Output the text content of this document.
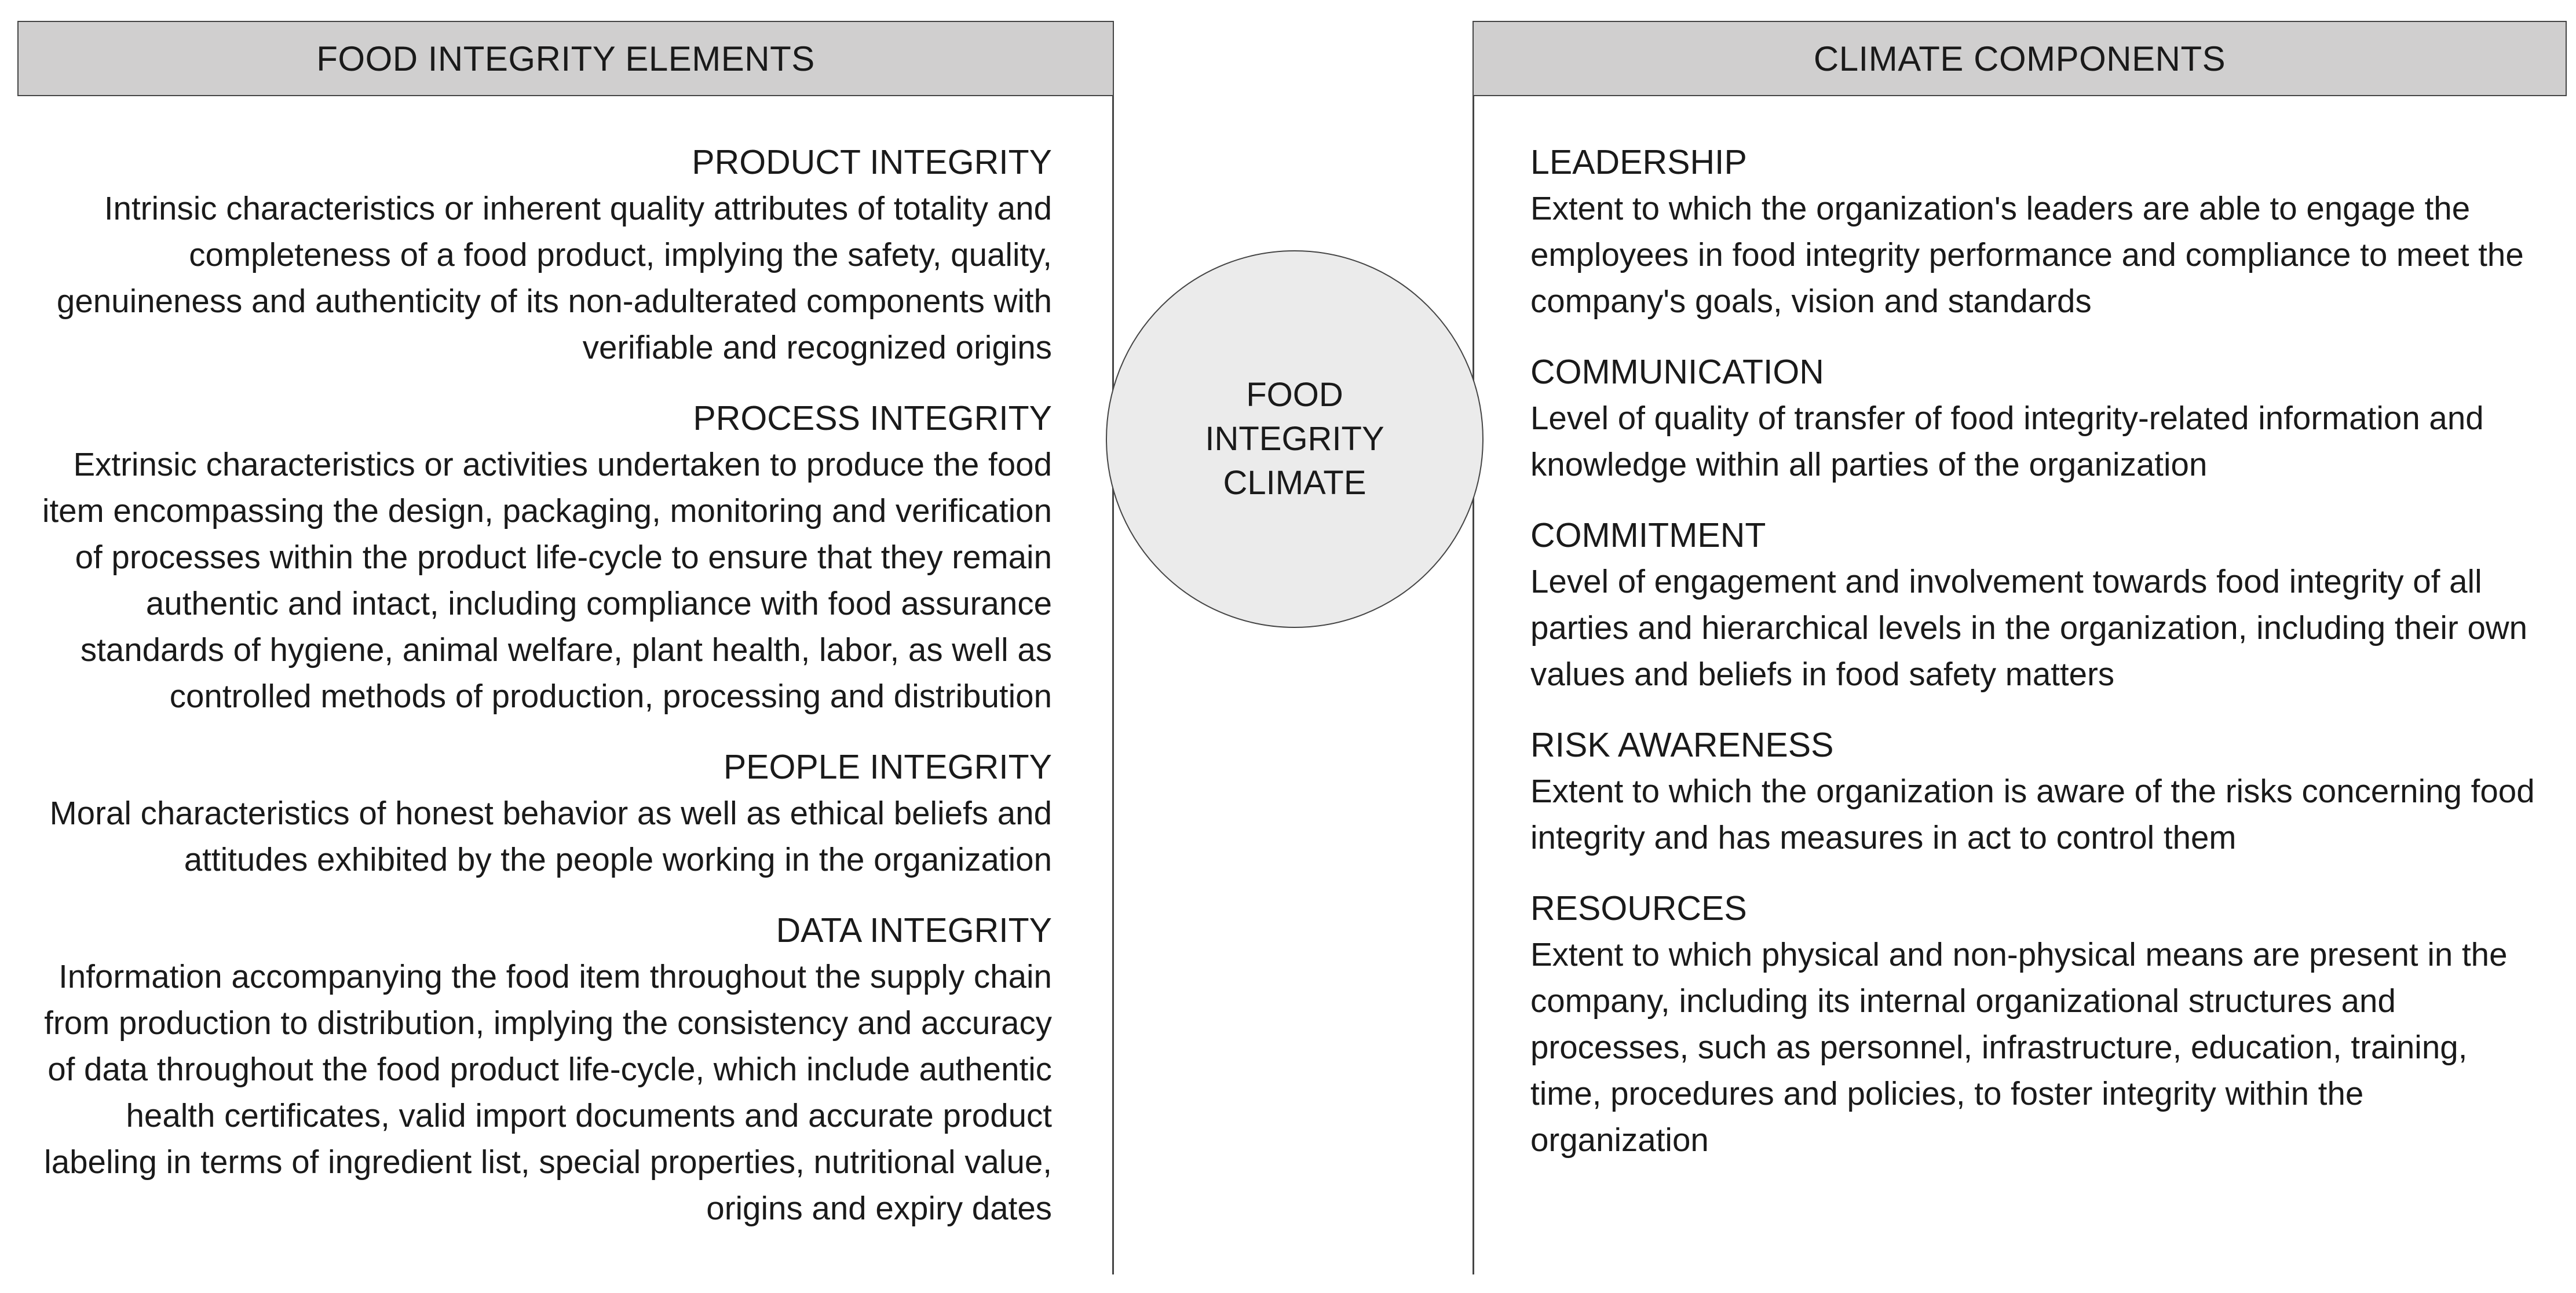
FOOD INTEGRITY ELEMENTS	CLIMATE COMPONENTS
PRODUCT INTEGRITY
Intrinsic characteristics or inherent quality attributes of totality and completeness of a food product, implying the safety, quality, genuineness and authenticity of its non-adulterated components with verifiable and recognized origins
PROCESS INTEGRITY
Extrinsic characteristics or activities undertaken to produce the food item encompassing the design, packaging, monitoring and verification of processes within the product life-cycle to ensure that they remain authentic and intact, including compliance with food assurance standards of hygiene, animal welfare, plant health, labor, as well as controlled methods of production, processing and distribution
PEOPLE INTEGRITY
Moral characteristics of honest behavior as well as ethical beliefs and attitudes exhibited by the people working in the organization
DATA INTEGRITY
Information accompanying the food item throughout the supply chain from production to distribution, implying the consistency and accuracy of data throughout the food product life-cycle, which include authentic health certificates, valid import documents and accurate product labeling in terms of ingredient list, special properties, nutritional value, origins and expiry dates
FOOD
INTEGRITY
CLIMATE
LEADERSHIP
Extent to which the organization's leaders are able to engage the employees in food integrity performance and compliance to meet the company's goals, vision and standards
COMMUNICATION
Level of quality of transfer of food integrity-related information and knowledge within all parties of the organization
COMMITMENT
Level of engagement and involvement towards food integrity of all parties and hierarchical levels in the organization, including their own values and beliefs in food safety matters
RISK AWARENESS
Extent to which the organization is aware of the risks concerning food integrity and has measures in act to control them
RESOURCES
Extent to which physical and non-physical means are present in the company, including its internal organizational structures and processes, such as personnel, infrastructure, education, training, time, procedures and policies, to foster integrity within the organization
